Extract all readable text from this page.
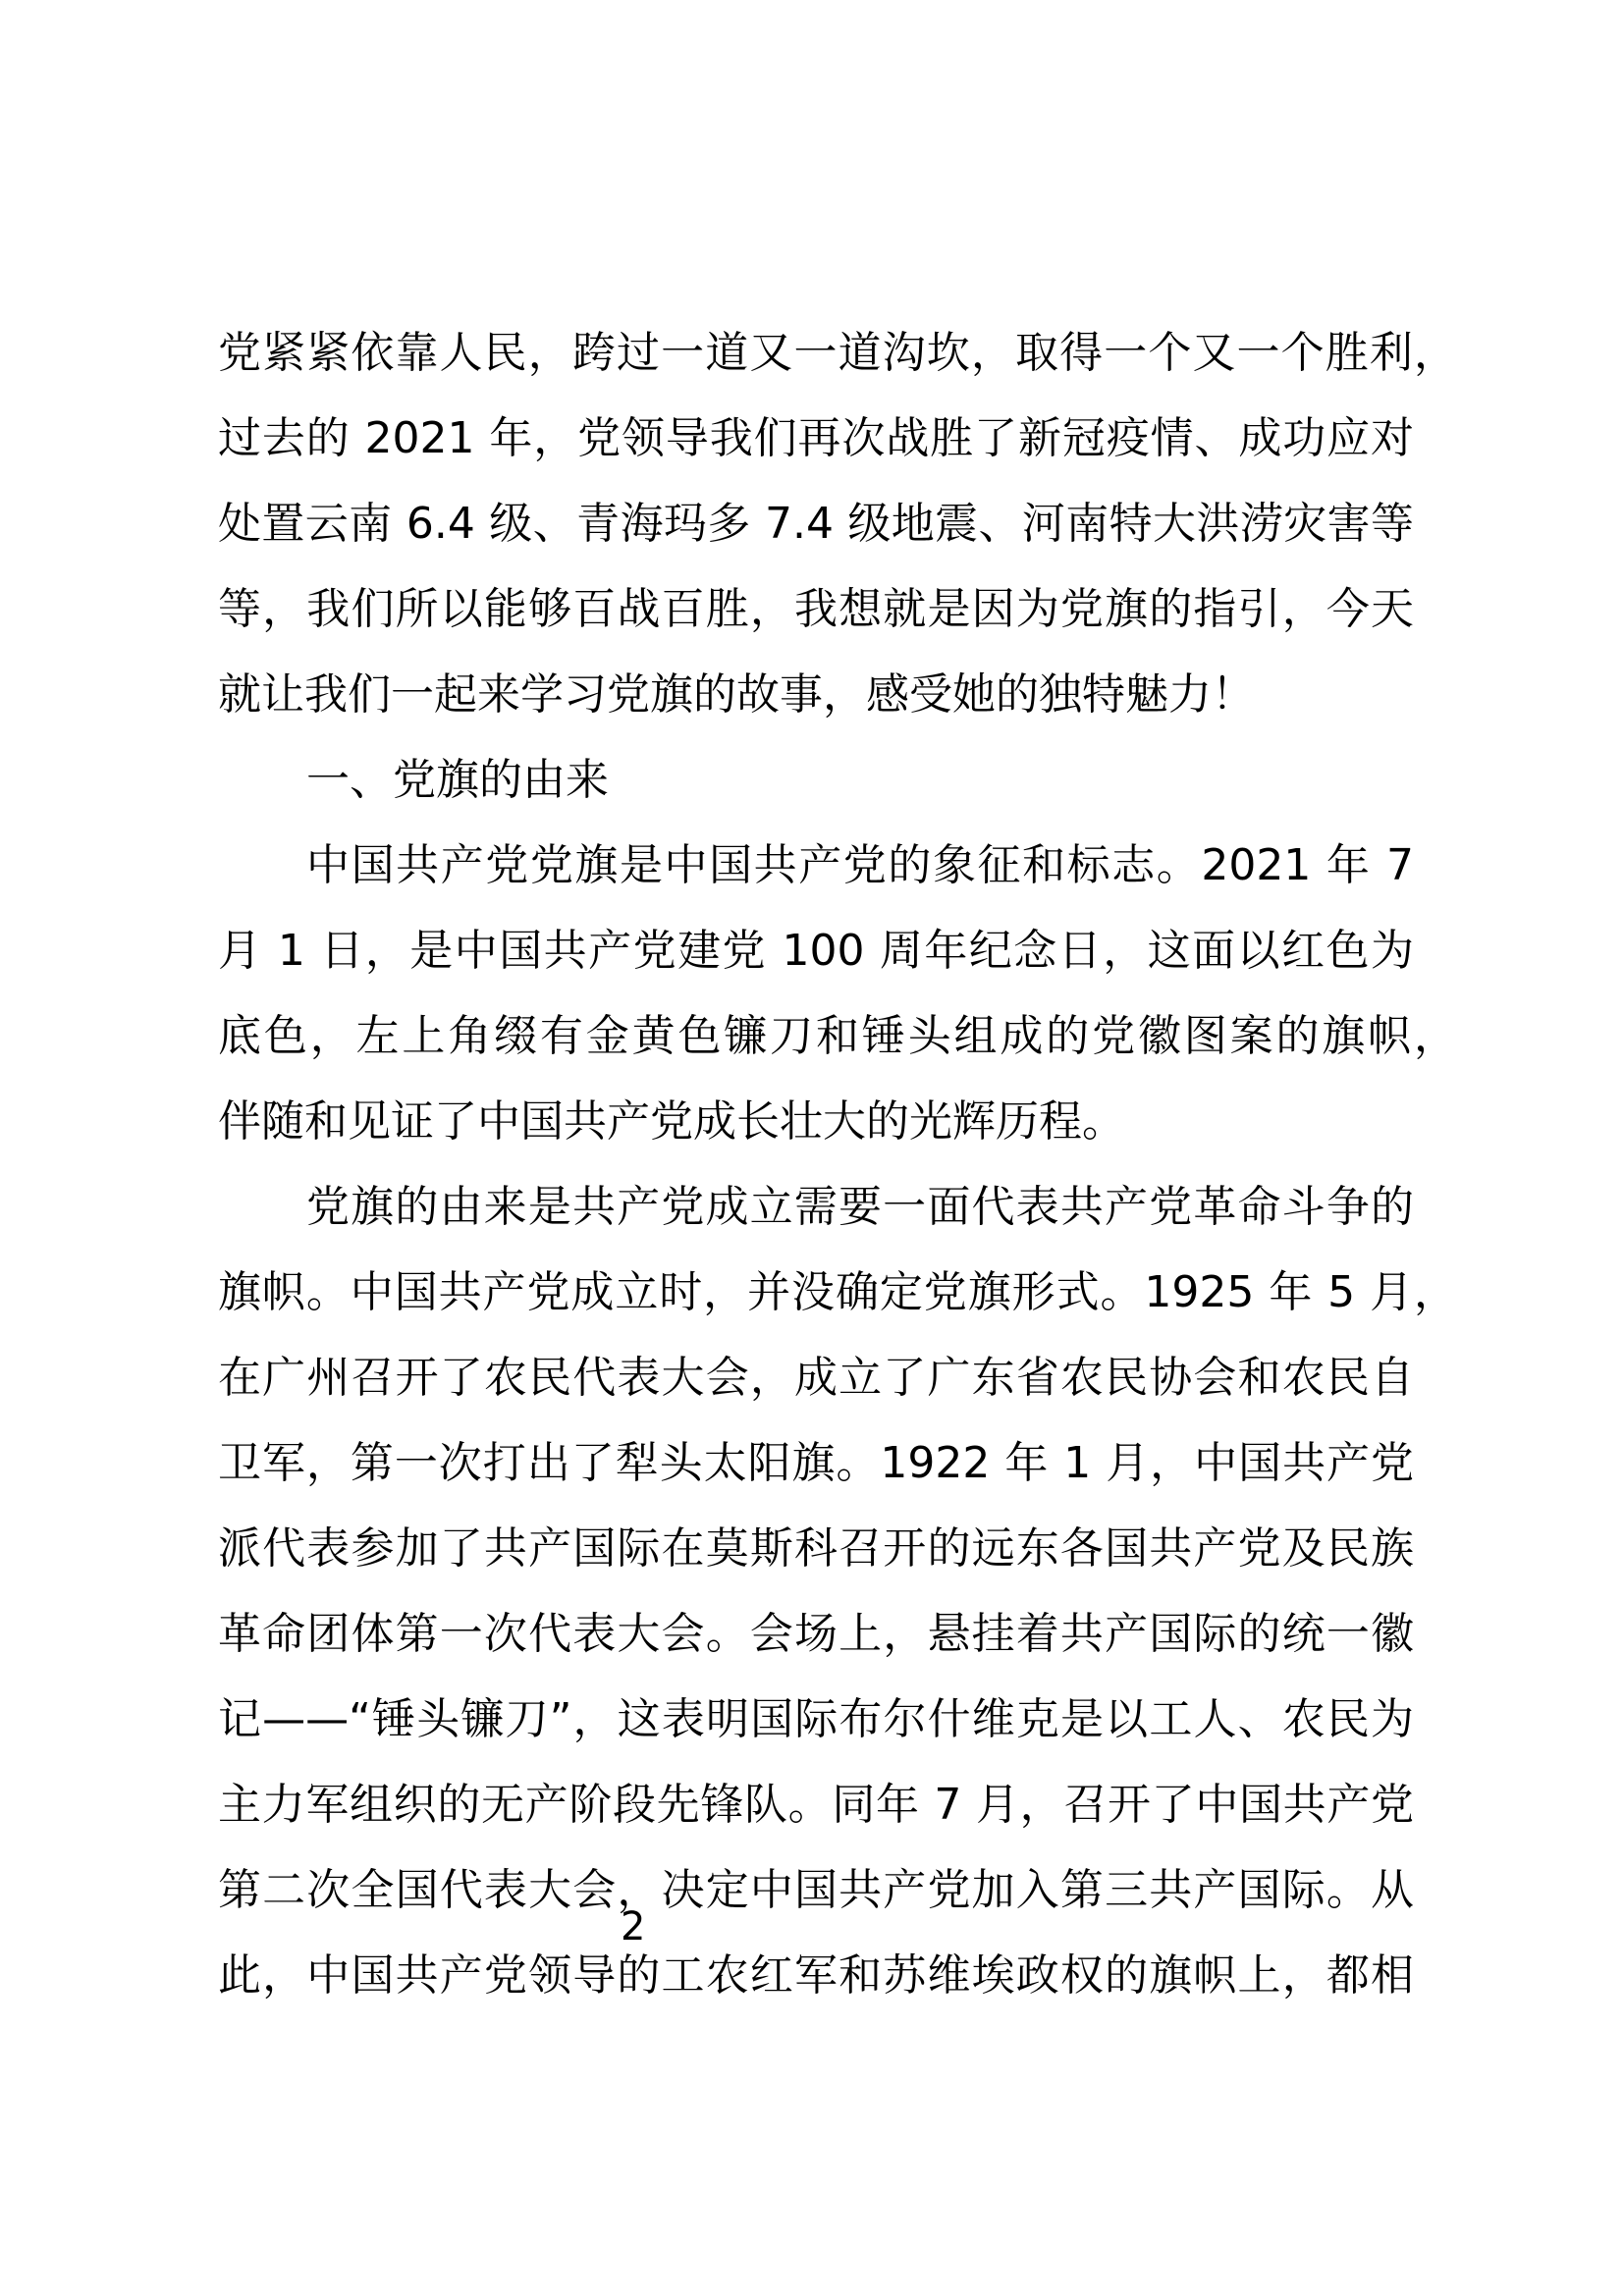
党紧紧依靠人民，跨过一道又一道沟坎，取得一个又一个胜利，
过去的 2021 年，党领导我们再次战胜了新冠疫情、成功应对
处置云南 6.4 级、青海玛多 7.4 级地震、河南特大洪涝灾害等
等，我们所以能够百战百胜，我想就是因为党旗的指引，今天
就让我们一起来学习党旗的故事，感受她的独特魅力！
一、党旗的由来
中国共产党党旗是中国共产党的象征和标志。2021 年 7
月 1 日，是中国共产党建党 100 周年纪念日，这面以红色为
底色，左上角缀有金黄色镰刀和锤头组成的党徽图案的旗帜，
伴随和见证了中国共产党成长壮大的光辉历程。
党旗的由来是共产党成立需要一面代表共产党革命斗争的
旗帜。中国共产党成立时，并没确定党旗形式。1925 年 5 月，
在广州召开了农民代表大会，成立了广东省农民协会和农民自
卫军，第一次打出了犁头太阳旗。1922 年 1 月，中国共产党
派代表参加了共产国际在莫斯科召开的远东各国共产党及民族
革命团体第一次代表大会。会场上，悬挂着共产国际的统一徽
记——“锤头镰刀”，这表明国际布尔什维克是以工人、农民为
主力军组织的无产阶段先锋队。同年 7 月，召开了中国共产党
第二次全国代表大会，决定中国共产党加入第三共产国际。从
此，中国共产党领导的工农红军和苏维埃政权的旗帜上，都相
2
